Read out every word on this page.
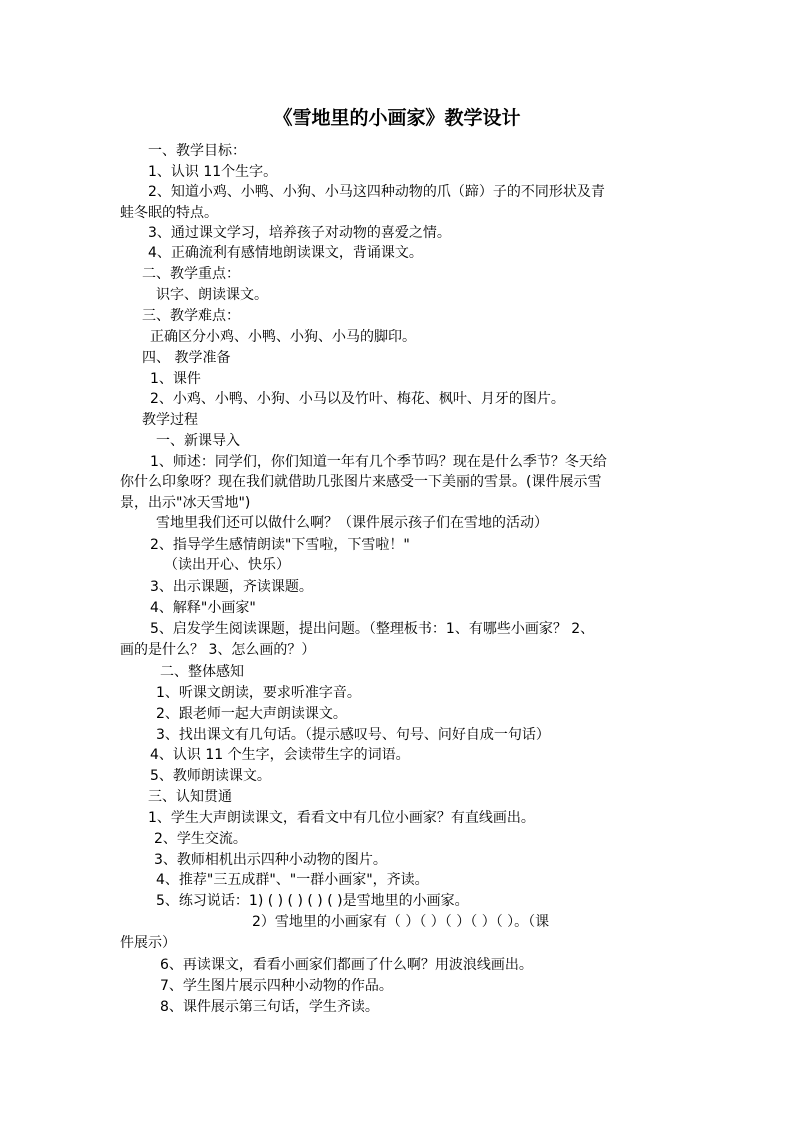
《雪地里的小画家》教学设计
一、教学目标：
1、认识 11个生字。
2、知道小鸡、小鸭、小狗、小马这四种动物的爪（蹄）子的不同形状及青
蛙冬眠的特点。
3、通过课文学习，培养孩子对动物的喜爱之情。
4、正确流利有感情地朗读课文，背诵课文。
二、教学重点：
识字、朗读课文。
三、教学难点：
正确区分小鸡、小鸭、小狗、小马的脚印。
四、 教学准备
1、课件
2、小鸡、小鸭、小狗、小马以及竹叶、梅花、枫叶、月牙的图片。
教学过程
一、新课导入
1、师述：同学们，你们知道一年有几个季节吗？现在是什么季节？冬天给
你什么印象呀？现在我们就借助几张图片来感受一下美丽的雪景。(课件展示雪
景，出示"冰天雪地")
雪地里我们还可以做什么啊？（课件展示孩子们在雪地的活动）
2、指导学生感情朗读"下雪啦，下雪啦！"
（读出开心、快乐）
3、出示课题，齐读课题。
4、解释"小画家"
5、启发学生阅读课题，提出问题。（整理板书：1、有哪些小画家？ 2、
画的是什么？ 3、怎么画的？）
二、整体感知
1、听课文朗读，要求听准字音。
2、跟老师一起大声朗读课文。
3、找出课文有几句话。（提示感叹号、句号、问好自成一句话）
4、认识 11 个生字，会读带生字的词语。
5、教师朗读课文。
三、认知贯通
1、学生大声朗读课文，看看文中有几位小画家？有直线画出。
2、学生交流。
3、教师相机出示四种小动物的图片。
4、推荐"三五成群"、"一群小画家"，齐读。
5、练习说话：1) ( ) ( ) ( ) ( )是雪地里的小画家。
2）雪地里的小画家有（ ）（ ）（ ）（ ）（ ）。（课
件展示）
6、再读课文，看看小画家们都画了什么啊？用波浪线画出。
7、学生图片展示四种小动物的作品。
8、课件展示第三句话，学生齐读。
